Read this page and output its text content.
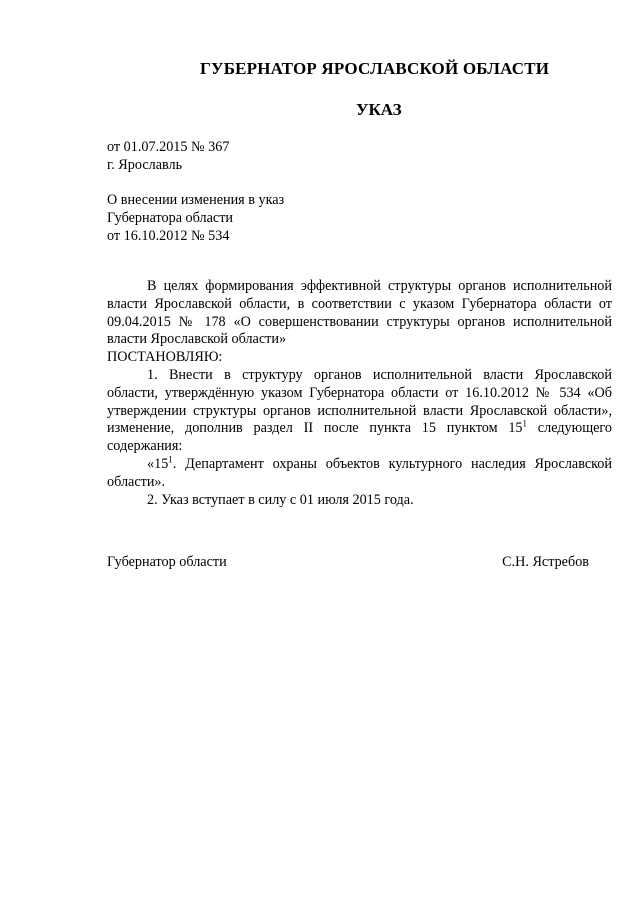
ГУБЕРНАТОР ЯРОСЛАВСКОЙ ОБЛАСТИ
УКАЗ
от 01.07.2015 № 367
г. Ярославль
О внесении изменения в указ
Губернатора области
от 16.10.2012 № 534

В целях формирования эффективной структуры органов исполнительной власти Ярославской области, в соответствии с указом Губернатора области от 09.04.2015 № 178 «О совершенствовании структуры органов исполнительной власти Ярославской области»

ПОСТАНОВЛЯЮ:

1. Внести в структуру органов исполнительной власти Ярославской области, утверждённую указом Губернатора области от 16.10.2012 № 534 «Об утверждении структуры органов исполнительной власти Ярославской области», изменение, дополнив раздел II после пункта 15 пунктом $15^1$ следующего содержания:

«$15^1$. Департамент охраны объектов культурного наследия Ярославской области».

2. Указ вступает в силу с 01 июля 2015 года.

Губернатор области	С.Н. Ястребов
